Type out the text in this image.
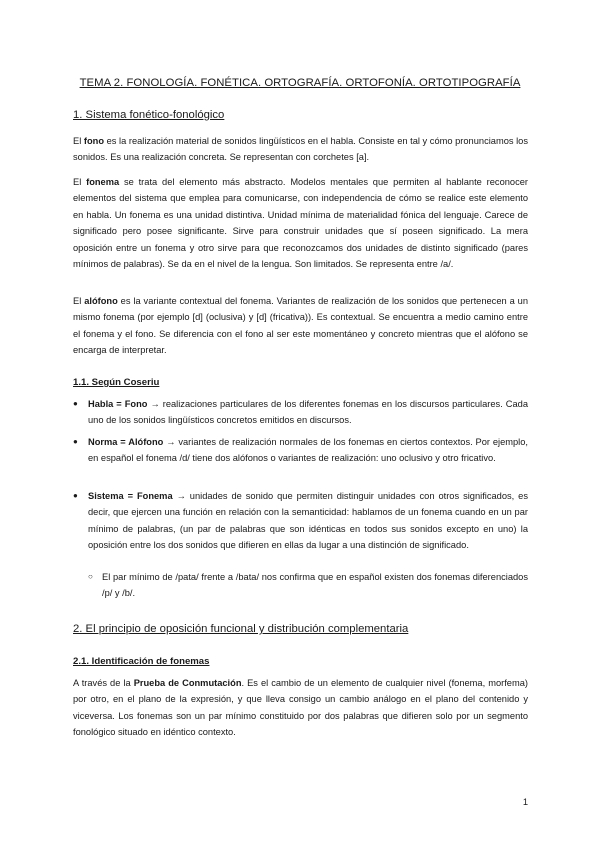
TEMA 2. FONOLOGÍA. FONÉTICA. ORTOGRAFÍA. ORTOFONÍA. ORTOTIPOGRAFÍA
1. Sistema fonético-fonológico

El fono es la realización material de sonidos lingüísticos en el habla. Consiste en tal y cómo pronunciamos los sonidos. Es una realización concreta. Se representan con corchetes [a].

El fonema se trata del elemento más abstracto. Modelos mentales que permiten al hablante reconocer elementos del sistema que emplea para comunicarse, con independencia de cómo se realice este elemento en habla. Un fonema es una unidad distintiva. Unidad mínima de materialidad fónica del lenguaje. Carece de significado pero posee significante. Sirve para construir unidades que sí poseen significado. La mera oposición entre un fonema y otro sirve para que reconozcamos dos unidades de distinto significado (pares mínimos de palabras). Se da en el nivel de la lengua. Son limitados. Se representa entre /a/.

El alófono es la variante contextual del fonema. Variantes de realización de los sonidos que pertenecen a un mismo fonema (por ejemplo [d] (oclusiva) y [d] (fricativa)). Es contextual. Se encuentra a medio camino entre el fonema y el fono. Se diferencia con el fono al ser este momentáneo y concreto mientras que el alófono se encarga de interpretar.

1.1. Según Coseriu
● Habla = Fono → realizaciones particulares de los diferentes fonemas en los discursos particulares. Cada uno de los sonidos lingüísticos concretos emitidos en discursos.
● Norma = Alófono → variantes de realización normales de los fonemas en ciertos contextos. Por ejemplo, en español el fonema /d/ tiene dos alófonos o variantes de realización: uno oclusivo y otro fricativo.
● Sistema = Fonema → unidades de sonido que permiten distinguir unidades con otros significados, es decir, que ejercen una función en relación con la semanticidad: hablamos de un fonema cuando en un par mínimo de palabras, (un par de palabras que son idénticas en todos sus sonidos excepto en uno) la oposición entre los dos sonidos que difieren en ellas da lugar a una distinción de significado.
○ El par mínimo de /pata/ frente a /bata/ nos confirma que en español existen dos fonemas diferenciados /p/ y /b/.
2. El principio de oposición funcional y distribución complementaria
2.1. Identificación de fonemas

A través de la Prueba de Conmutación. Es el cambio de un elemento de cualquier nivel (fonema, morfema) por otro, en el plano de la expresión, y que lleva consigo un cambio análogo en el plano del contenido y viceversa. Los fonemas son un par mínimo constituido por dos palabras que difieren solo por un segmento fonológico situado en idéntico contexto.

1
